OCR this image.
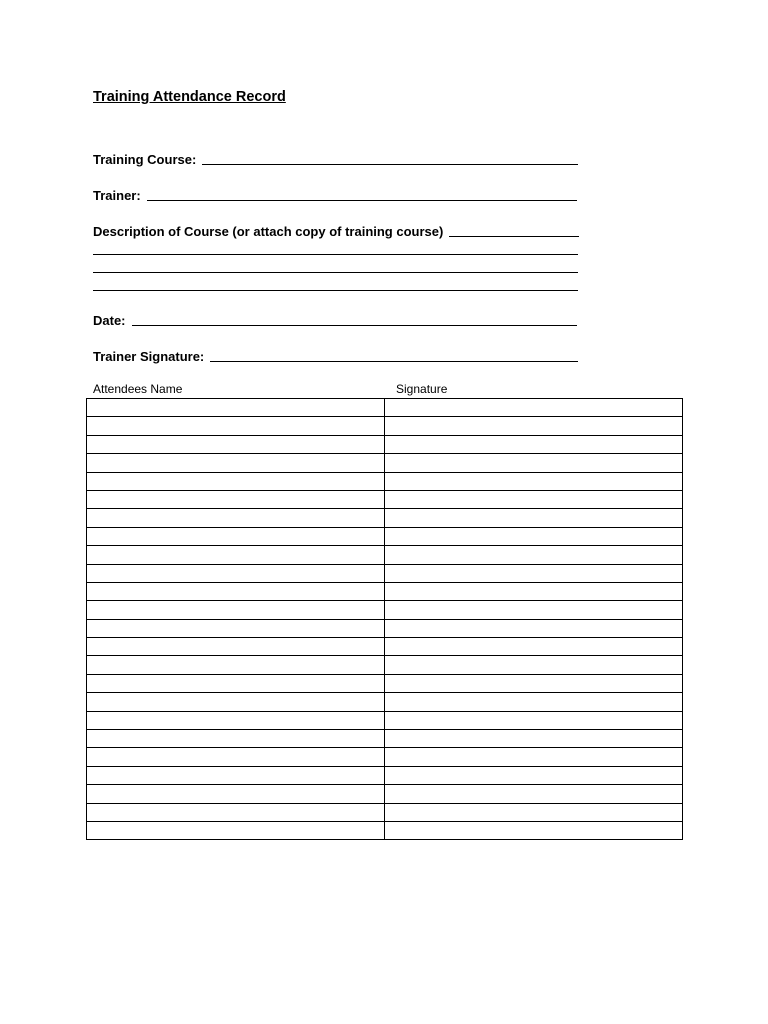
Training Attendance Record
Training Course:
Trainer:
Description of Course (or attach copy of training course)
Date:
Trainer Signature:
Attendees Name	Signature
